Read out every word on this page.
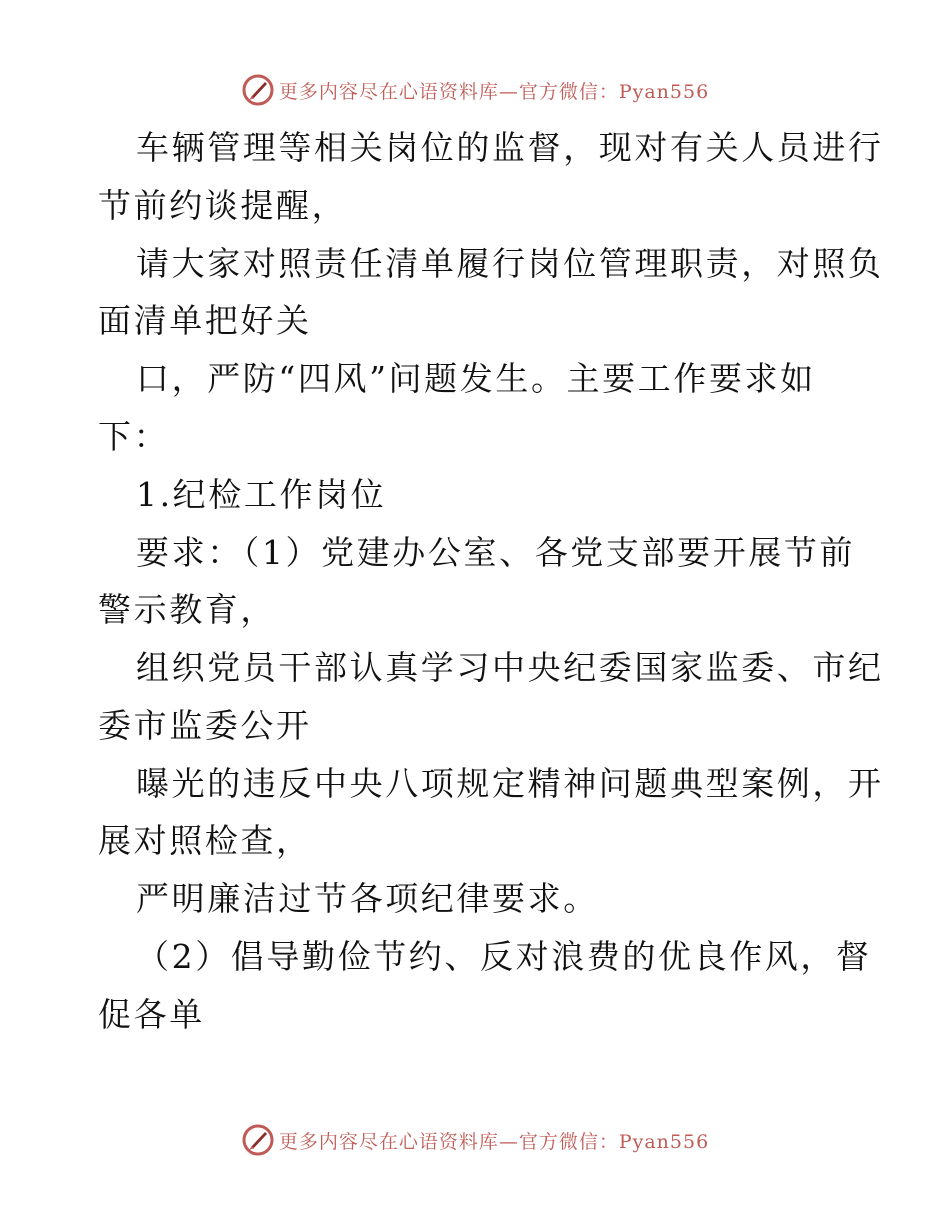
更多内容尽在心语资料库—官方微信：Pyan556
车辆管理等相关岗位的监督，现对有关人员进行
节前约谈提醒，
请大家对照责任清单履行岗位管理职责，对照负
面清单把好关
口，严防“四风”问题发生。主要工作要求如
下：
1.纪检工作岗位
要求：（1）党建办公室、各党支部要开展节前
警示教育，
组织党员干部认真学习中央纪委国家监委、市纪
委市监委公开
曝光的违反中央八项规定精神问题典型案例，开
展对照检查，
严明廉洁过节各项纪律要求。
（2）倡导勤俭节约、反对浪费的优良作风，督
促各单
更多内容尽在心语资料库—官方微信：Pyan556
